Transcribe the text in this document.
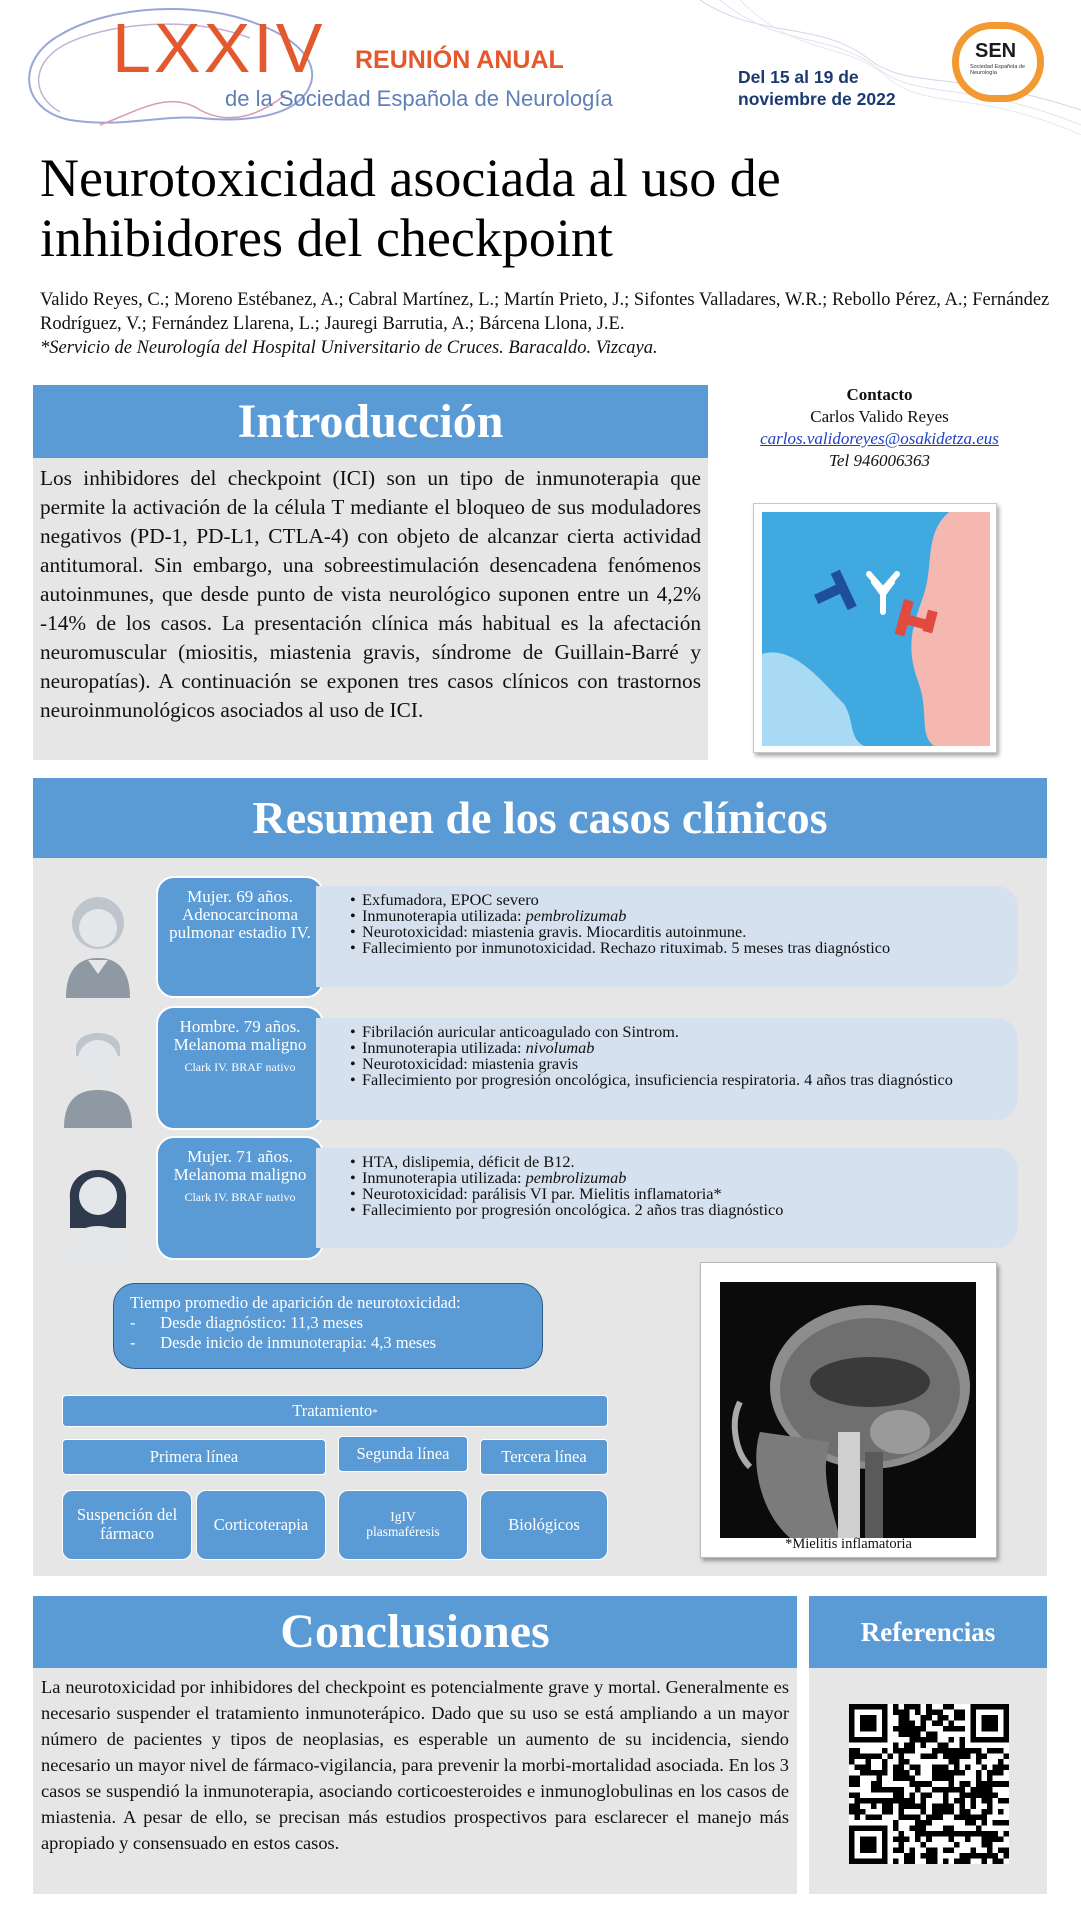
LXXIV REUNIÓN ANUAL
de la Sociedad Española de Neurología
Del 15 al 19 de
noviembre de 2022
SEN
Sociedad Española de Neurología
Neurotoxicidad asociada al uso de
inhibidores del checkpoint
Valido Reyes, C.; Moreno Estébanez, A.; Cabral Martínez, L.; Martín Prieto, J.; Sifontes Valladares, W.R.; Rebollo Pérez, A.; Fernández Rodríguez, V.; Fernández Llarena, L.; Jauregi Barrutia, A.; Bárcena Llona, J.E.
*Servicio de Neurología del Hospital Universitario de Cruces. Baracaldo. Vizcaya.
Introducción
Los inhibidores del checkpoint (ICI) son un tipo de inmunoterapia que permite la activación de la célula T mediante el bloqueo de sus moduladores negativos (PD-1, PD-L1, CTLA-4) con objeto de alcanzar cierta actividad antitumoral. Sin embargo, una sobreestimulación desencadena fenómenos autoinmunes, que desde punto de vista neurológico suponen entre un 4,2% -14% de los casos. La presentación clínica más habitual es la afectación neuromuscular (miositis, miastenia gravis, síndrome de Guillain-Barré y neuropatías). A continuación se exponen tres casos clínicos con trastornos neuroinmunológicos asociados al uso de ICI.
Contacto
Carlos Valido Reyes
carlos.validoreyes@osakidetza.eus
Tel 946006363
Resumen de los casos clínicos
Mujer. 69 años. Adenocarcinoma pulmonar estadio IV.
• Exfumadora, EPOC severo
• Inmunoterapia utilizada: pembrolizumab
• Neurotoxicidad: miastenia gravis. Miocarditis autoinmune.
• Fallecimiento por inmunotoxicidad. Rechazo rituximab. 5 meses tras diagnóstico
Hombre. 79 años. Melanoma maligno
Clark IV. BRAF nativo
• Fibrilación auricular anticoagulado con Sintrom.
• Inmunoterapia utilizada: nivolumab
• Neurotoxicidad: miastenia gravis
• Fallecimiento por progresión oncológica, insuficiencia respiratoria. 4 años tras diagnóstico
Mujer. 71 años. Melanoma maligno
Clark IV. BRAF nativo
• HTA, dislipemia, déficit de B12.
• Inmunoterapia utilizada: pembrolizumab
• Neurotoxicidad: parálisis VI par. Mielitis inflamatoria*
• Fallecimiento por progresión oncológica. 2 años tras diagnóstico
Tiempo promedio de aparición de neurotoxicidad:
-      Desde diagnóstico: 11,3 meses
-      Desde inicio de inmunoterapia: 4,3 meses
Tratamiento*
Primera línea	Segunda línea	Tercera línea
Suspención del fármaco	Corticoterapia	IgIV
plasmaféresis	Biológicos
*Mielitis inflamatoria
Conclusiones
La neurotoxicidad por inhibidores del checkpoint es potencialmente grave y mortal. Generalmente es necesario suspender el tratamiento inmunoterápico. Dado que su uso se está ampliando a un mayor número de pacientes y tipos de neoplasias, es esperable un aumento de su incidencia, siendo necesario un mayor nivel de fármaco-vigilancia, para prevenir la morbi-mortalidad asociada. En los 3 casos se suspendió la inmunoterapia, asociando corticoesteroides e inmunoglobulinas en los casos de miastenia. A pesar de ello, se precisan más estudios prospectivos para esclarecer el manejo más apropiado y consensuado en estos casos.
Referencias
